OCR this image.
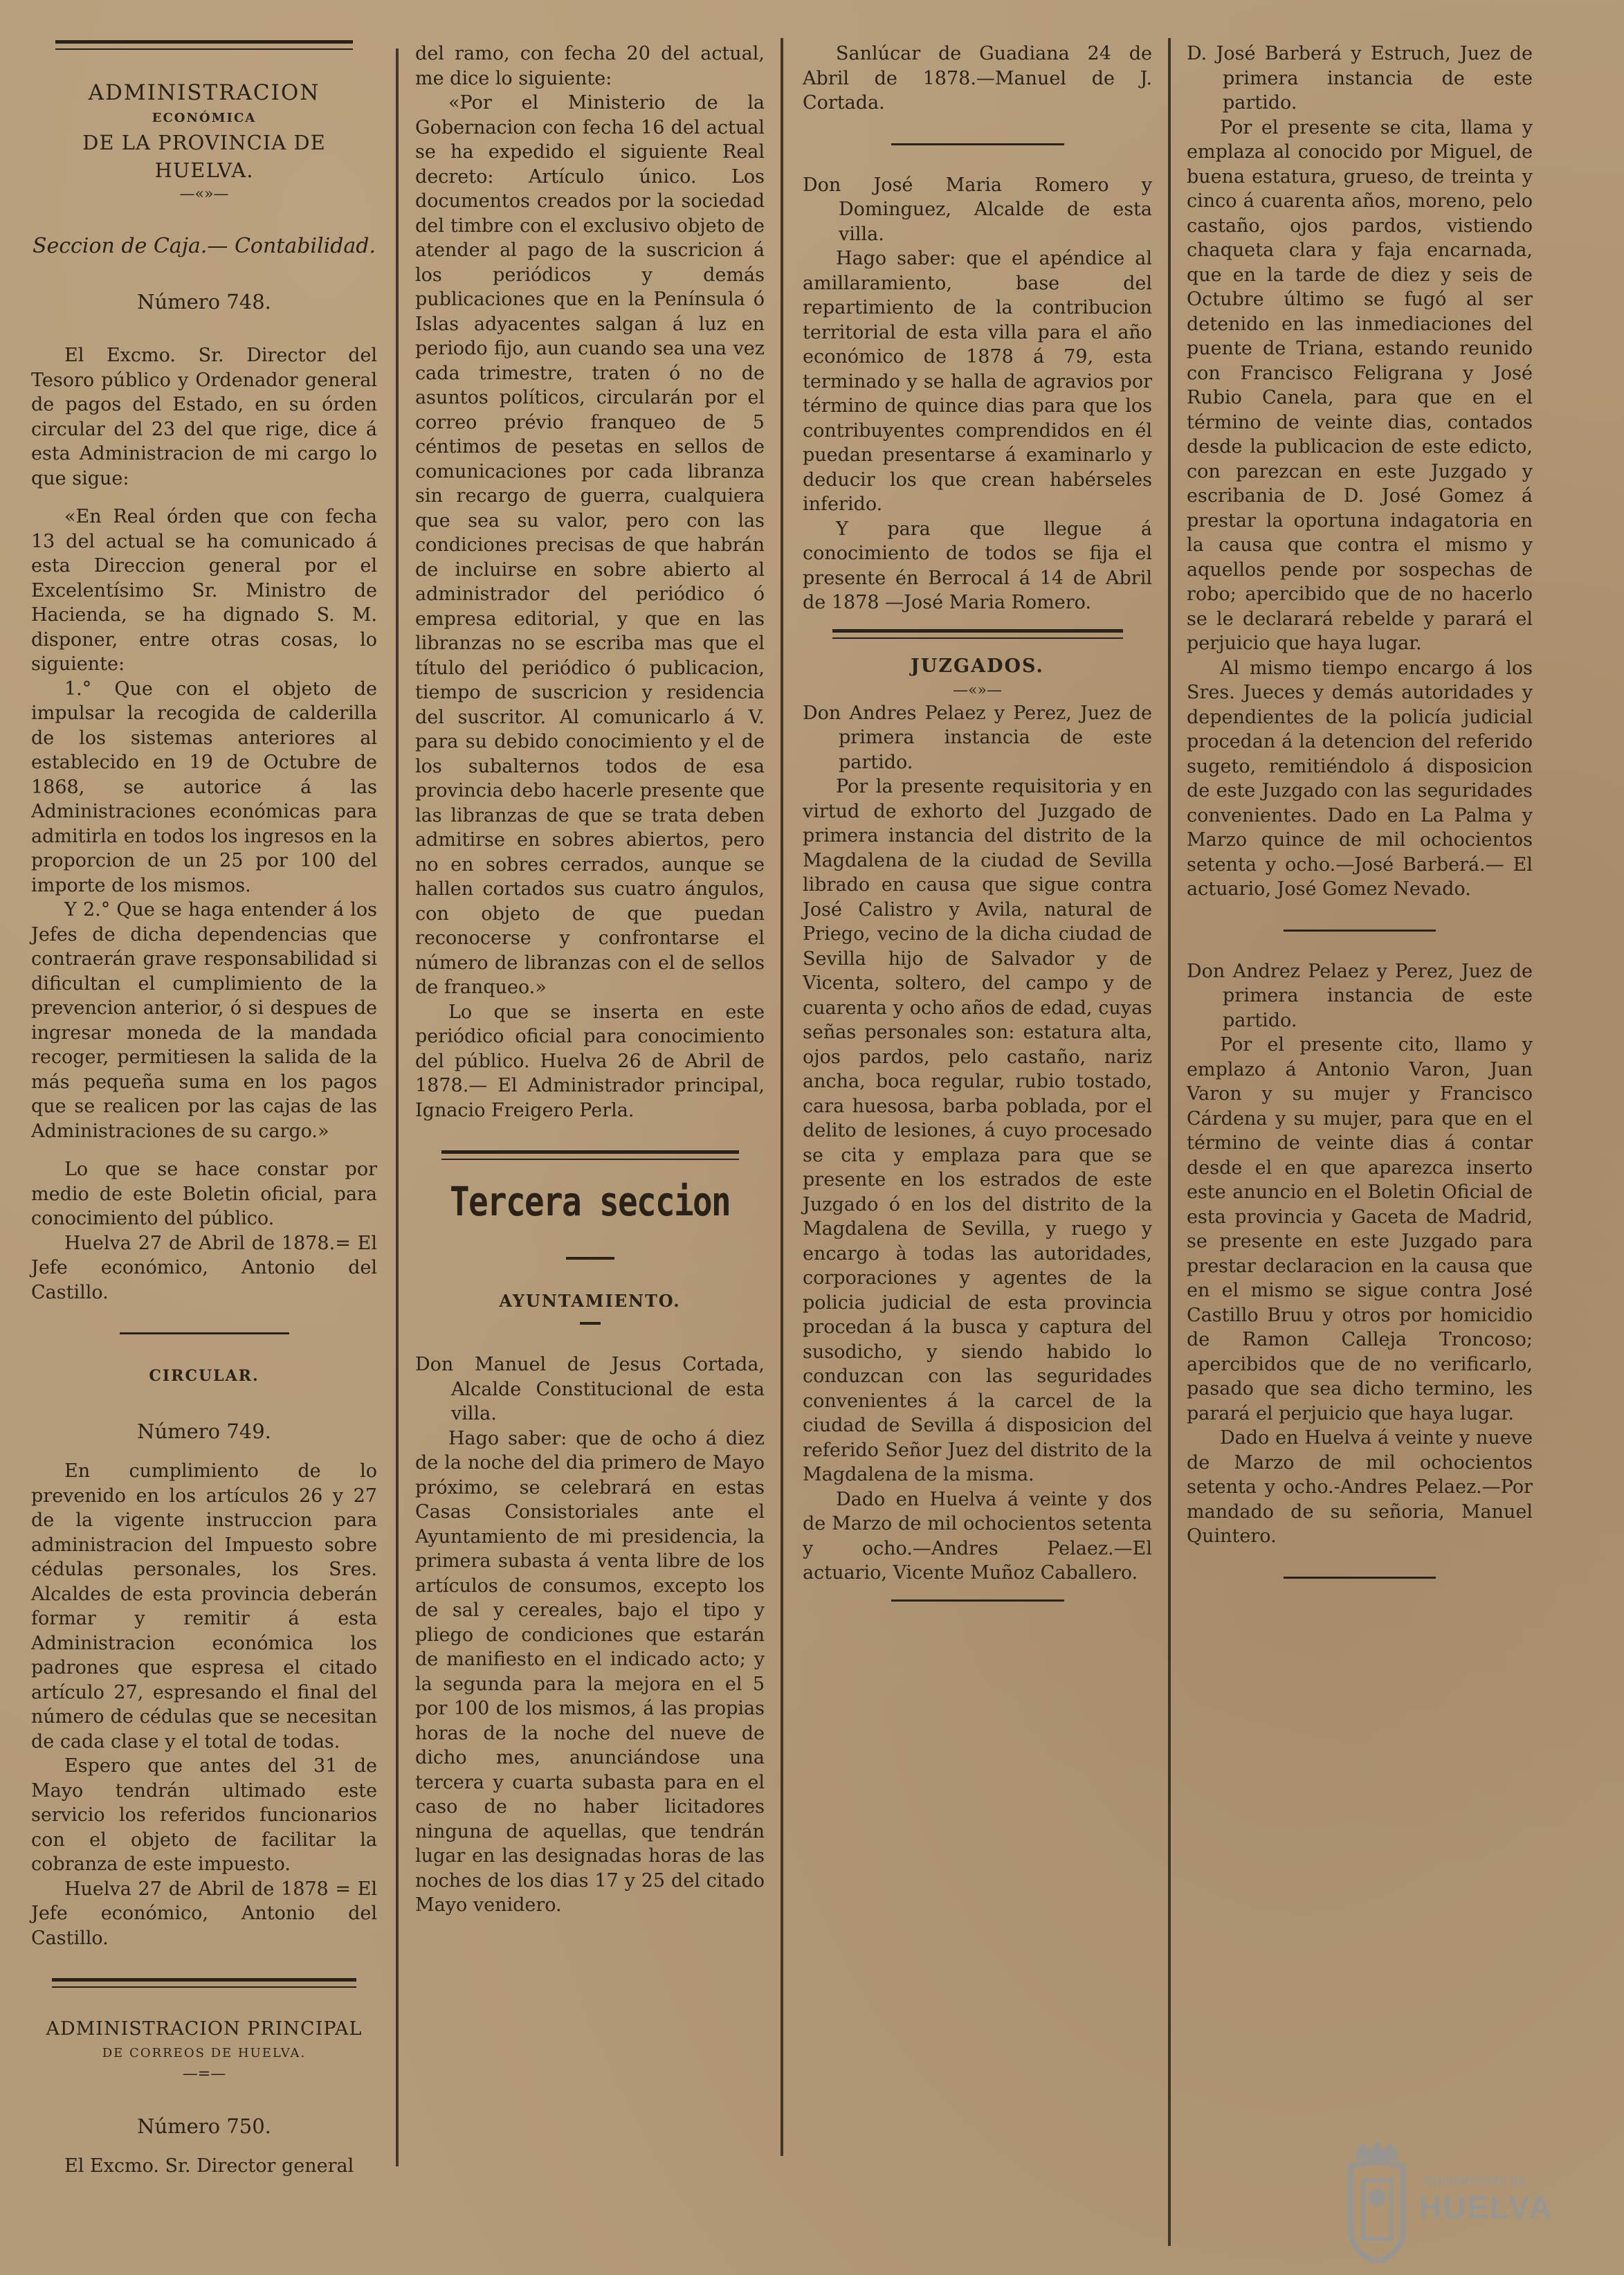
ADMINISTRACION
ECONÓMICA
DE LA PROVINCIA DE HUELVA.
—«»—
Seccion de Caja.— Contabilidad.
Número 748.

El Excmo. Sr. Director del Tesoro público y Ordenador general de pagos del Estado, en su órden circular del 23 del que rige, dice á esta Administracion de mi cargo lo que sigue:

«En Real órden que con fecha 13 del actual se ha comunicado á esta Direccion general por el Excelentísimo Sr. Ministro de Hacienda, se ha dignado S. M. disponer, entre otras cosas, lo siguiente:

1.° Que con el objeto de impulsar la recogida de calderilla de los sistemas anteriores al establecido en 19 de Octubre de 1868, se autorice á las Administraciones económicas para admitirla en todos los ingresos en la proporcion de un 25 por 100 del importe de los mismos.

Y 2.° Que se haga entender á los Jefes de dicha dependencias que contraerán grave responsabilidad si dificultan el cumplimiento de la prevencion anterior, ó si despues de ingresar moneda de la mandada recoger, permitiesen la salida de la más pequeña suma en los pagos que se realicen por las cajas de las Administraciones de su cargo.»

Lo que se hace constar por medio de este Boletin oficial, para conocimiento del público.

Huelva 27 de Abril de 1878.= El Jefe económico, Antonio del Castillo.

CIRCULAR.
Número 749.

En cumplimiento de lo prevenido en los artículos 26 y 27 de la vigente instruccion para administracion del Impuesto sobre cédulas personales, los Sres. Alcaldes de esta provincia deberán formar y remitir á esta Administracion económica los padrones que espresa el citado artículo 27, espresando el final del número de cédulas que se necesitan de cada clase y el total de todas.

Espero que antes del 31 de Mayo tendrán ultimado este servicio los referidos funcionarios con el objeto de facilitar la cobranza de este impuesto.

Huelva 27 de Abril de 1878 = El Jefe económico, Antonio del Castillo.

ADMINISTRACION PRINCIPAL
DE CORREOS DE HUELVA.
—=—
Número 750.

El Excmo. Sr. Director general

del ramo, con fecha 20 del actual, me dice lo siguiente:

«Por el Ministerio de la Gobernacion con fecha 16 del actual se ha expedido el siguiente Real decreto: Artículo único. Los documentos creados por la sociedad del timbre con el exclusivo objeto de atender al pago de la suscricion á los periódicos y demás publicaciones que en la Península ó Islas adyacentes salgan á luz en periodo fijo, aun cuando sea una vez cada trimestre, traten ó no de asuntos políticos, circularán por el correo prévio franqueo de 5 céntimos de pesetas en sellos de comunicaciones por cada libranza sin recargo de guerra, cualquiera que sea su valor, pero con las condiciones precisas de que habrán de incluirse en sobre abierto al administrador del periódico ó empresa editorial, y que en las libranzas no se escriba mas que el título del periódico ó publicacion, tiempo de suscricion y residencia del suscritor. Al comunicarlo á V. para su debido conocimiento y el de los subalternos todos de esa provincia debo hacerle presente que las libranzas de que se trata deben admitirse en sobres abiertos, pero no en sobres cerrados, aunque se hallen cortados sus cuatro ángulos, con objeto de que puedan reconocerse y confrontarse el número de libranzas con el de sellos de franqueo.»

Lo que se inserta en este periódico oficial para conocimiento del público. Huelva 26 de Abril de 1878.— El Administrador principal, Ignacio Freigero Perla.

Tercera seccion
AYUNTAMIENTO.

Don Manuel de Jesus Cortada, Alcalde Constitucional de esta villa.

Hago saber: que de ocho á diez de la noche del dia primero de Mayo próximo, se celebrará en estas Casas Consistoriales ante el Ayuntamiento de mi presidencia, la primera subasta á venta libre de los artículos de consumos, excepto los de sal y cereales, bajo el tipo y pliego de condiciones que estarán de manifiesto en el indicado acto; y la segunda para la mejora en el 5 por 100 de los mismos, á las propias horas de la noche del nueve de dicho mes, anunciándose una tercera y cuarta subasta para en el caso de no haber licitadores ninguna de aquellas, que tendrán lugar en las designadas horas de las noches de los dias 17 y 25 del citado Mayo venidero.

Sanlúcar de Guadiana 24 de Abril de 1878.—Manuel de J. Cortada.

Don José Maria Romero y Dominguez, Alcalde de esta villa.

Hago saber: que el apéndice al amillaramiento, base del repartimiento de la contribucion territorial de esta villa para el año económico de 1878 á 79, esta terminado y se halla de agravios por término de quince dias para que los contribuyentes comprendidos en él puedan presentarse á examinarlo y deducir los que crean habérseles inferido.

Y para que llegue á conocimiento de todos se fija el presente én Berrocal á 14 de Abril de 1878 —José Maria Romero.

JUZGADOS.
—«»—

Don Andres Pelaez y Perez, Juez de primera instancia de este partido.

Por la presente requisitoria y en virtud de exhorto del Juzgado de primera instancia del distrito de la Magdalena de la ciudad de Sevilla librado en causa que sigue contra José Calistro y Avila, natural de Priego, vecino de la dicha ciudad de Sevilla hijo de Salvador y de Vicenta, soltero, del campo y de cuarenta y ocho años de edad, cuyas señas personales son: estatura alta, ojos pardos, pelo castaño, nariz ancha, boca regular, rubio tostado, cara huesosa, barba poblada, por el delito de lesiones, á cuyo procesado se cita y emplaza para que se presente en los estrados de este Juzgado ó en los del distrito de la Magdalena de Sevilla, y ruego y encargo à todas las autoridades, corporaciones y agentes de la policia judicial de esta provincia procedan á la busca y captura del susodicho, y siendo habido lo conduzcan con las seguridades convenientes á la carcel de la ciudad de Sevilla á disposicion del referido Señor Juez del distrito de la Magdalena de la misma.

Dado en Huelva á veinte y dos de Marzo de mil ochocientos setenta y ocho.—Andres Pelaez.—El actuario, Vicente Muñoz Caballero.

D. José Barberá y Estruch, Juez de primera instancia de este partido.

Por el presente se cita, llama y emplaza al conocido por Miguel, de buena estatura, grueso, de treinta y cinco á cuarenta años, moreno, pelo castaño, ojos pardos, vistiendo chaqueta clara y faja encarnada, que en la tarde de diez y seis de Octubre último se fugó al ser detenido en las inmediaciones del puente de Triana, estando reunido con Francisco Feligrana y José Rubio Canela, para que en el término de veinte dias, contados desde la publicacion de este edicto, con parezcan en este Juzgado y escribania de D. José Gomez á prestar la oportuna indagatoria en la causa que contra el mismo y aquellos pende por sospechas de robo; apercibido que de no hacerlo se le declarará rebelde y parará el perjuicio que haya lugar.

Al mismo tiempo encargo á los Sres. Jueces y demás autoridades y dependientes de la policía judicial procedan á la detencion del referido sugeto, remitiéndolo á disposicion de este Juzgado con las seguridades convenientes. Dado en La Palma y Marzo quince de mil ochocientos setenta y ocho.—José Barberá.— El actuario, José Gomez Nevado.

Don Andrez Pelaez y Perez, Juez de primera instancia de este partido.

Por el presente cito, llamo y emplazo á Antonio Varon, Juan Varon y su mujer y Francisco Cárdena y su mujer, para que en el término de veinte dias á contar desde el en que aparezca inserto este anuncio en el Boletin Oficial de esta provincia y Gaceta de Madrid, se presente en este Juzgado para prestar declaracion en la causa que en el mismo se sigue contra José Castillo Bruu y otros por homicidio de Ramon Calleja Troncoso; apercibidos que de no verificarlo, pasado que sea dicho termino, les parará el perjuicio que haya lugar.

Dado en Huelva á veinte y nueve de Marzo de mil ochocientos setenta y ocho.-Andres Pelaez.—Por mandado de su señoria, Manuel Quintero.

Ayuntamiento de
HUELVA
